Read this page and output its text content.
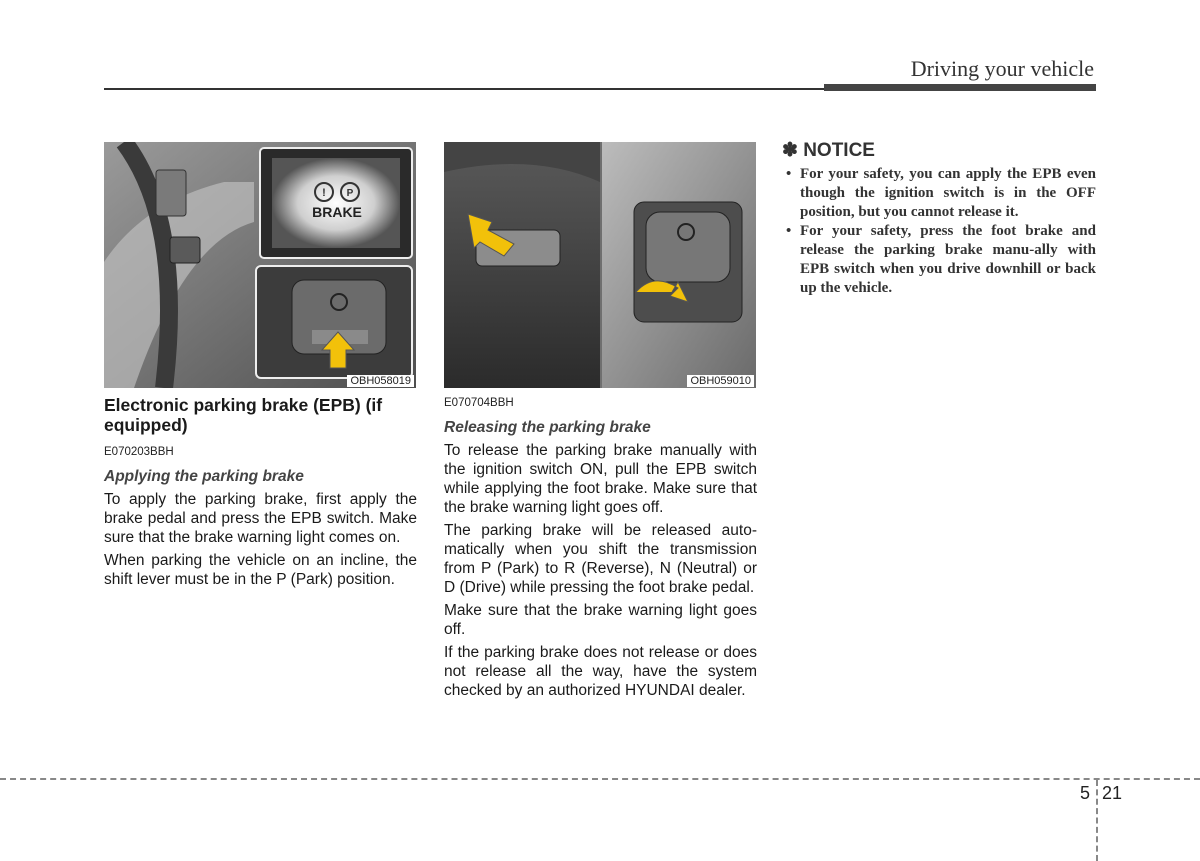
Driving your vehicle
! P
BRAKE
OBH058019	OBH059010
Electronic parking brake (EPB) (if equipped)
E070203BBH
Applying the parking brake

To apply the parking brake, first apply the brake pedal and press the EPB switch. Make sure that the brake warning light comes on.

When parking the vehicle on an incline, the shift lever must be in the P (Park) position.

E070704BBH
Releasing the parking brake

To release the parking brake manually with the ignition switch ON, pull the EPB switch while applying the foot brake. Make sure that the brake warning light goes off.

The parking brake will be released auto-matically when you shift the transmission from P (Park) to R (Reverse), N (Neutral) or D (Drive) while pressing the foot brake pedal.

Make sure that the brake warning light goes off.

If the parking brake does not release or does not release all the way, have the system checked by an authorized HYUNDAI dealer.

✽ NOTICE
• For your safety, you can apply the EPB even though the ignition switch is in the OFF position, but you cannot release it.
• For your safety, press the foot brake and release the parking brake manu-ally with EPB switch when you drive downhill or back up the vehicle.
5 21
